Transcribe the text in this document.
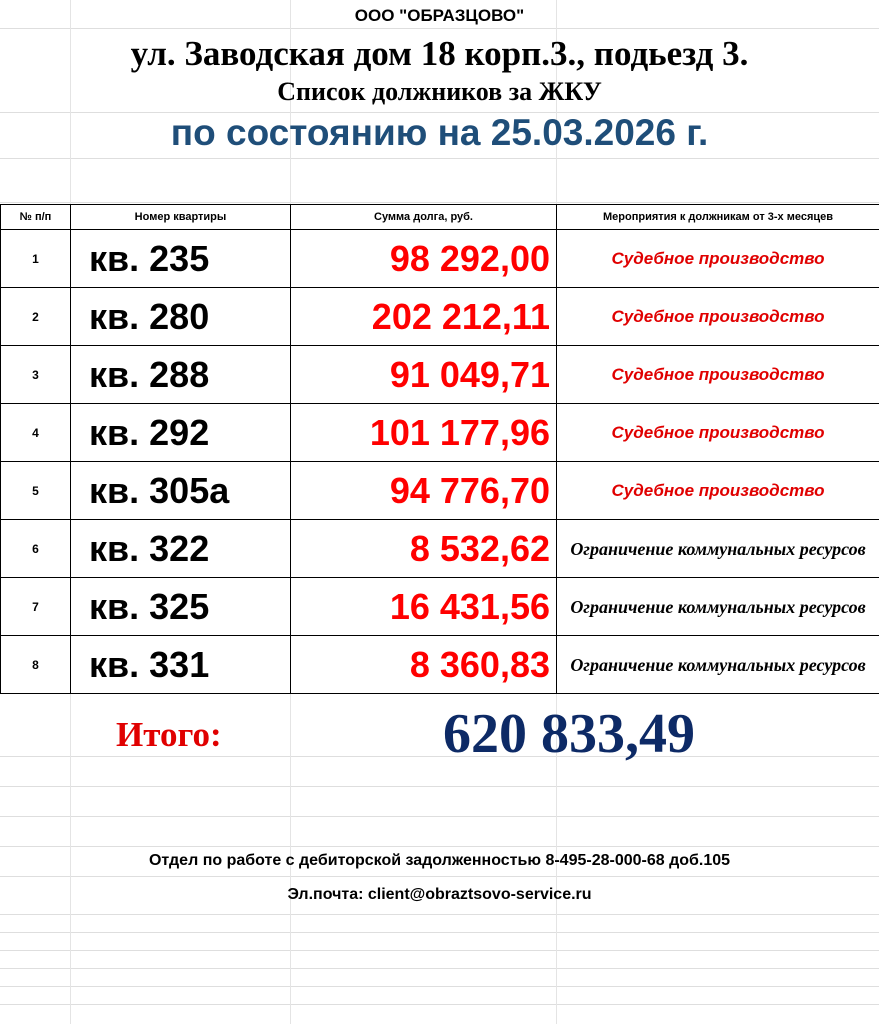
ООО "ОБРАЗЦОВО"
ул. Заводская дом 18 корп.3., подьезд 3.
Список должников за ЖКУ
по состоянию на 25.03.2026 г.
№ п/п	Номер квартиры	Сумма долга, руб.	Мероприятия к должникам от 3-х месяцев
1	кв. 235	98 292,00	Судебное производство
2	кв. 280	202 212,11	Судебное производство
3	кв. 288	91 049,71	Судебное производство
4	кв. 292	101 177,96	Судебное производство
5	кв. 305а	94 776,70	Судебное производство
6	кв. 322	8 532,62	Ограничение коммунальных ресурсов
7	кв. 325	16 431,56	Ограничение коммунальных ресурсов
8	кв. 331	8 360,83	Ограничение коммунальных ресурсов
Итого:	620 833,49
Отдел по работе с дебиторской задолженностью 8-495-28-000-68 доб.105
Эл.почта: client@obraztsovo-service.ru
